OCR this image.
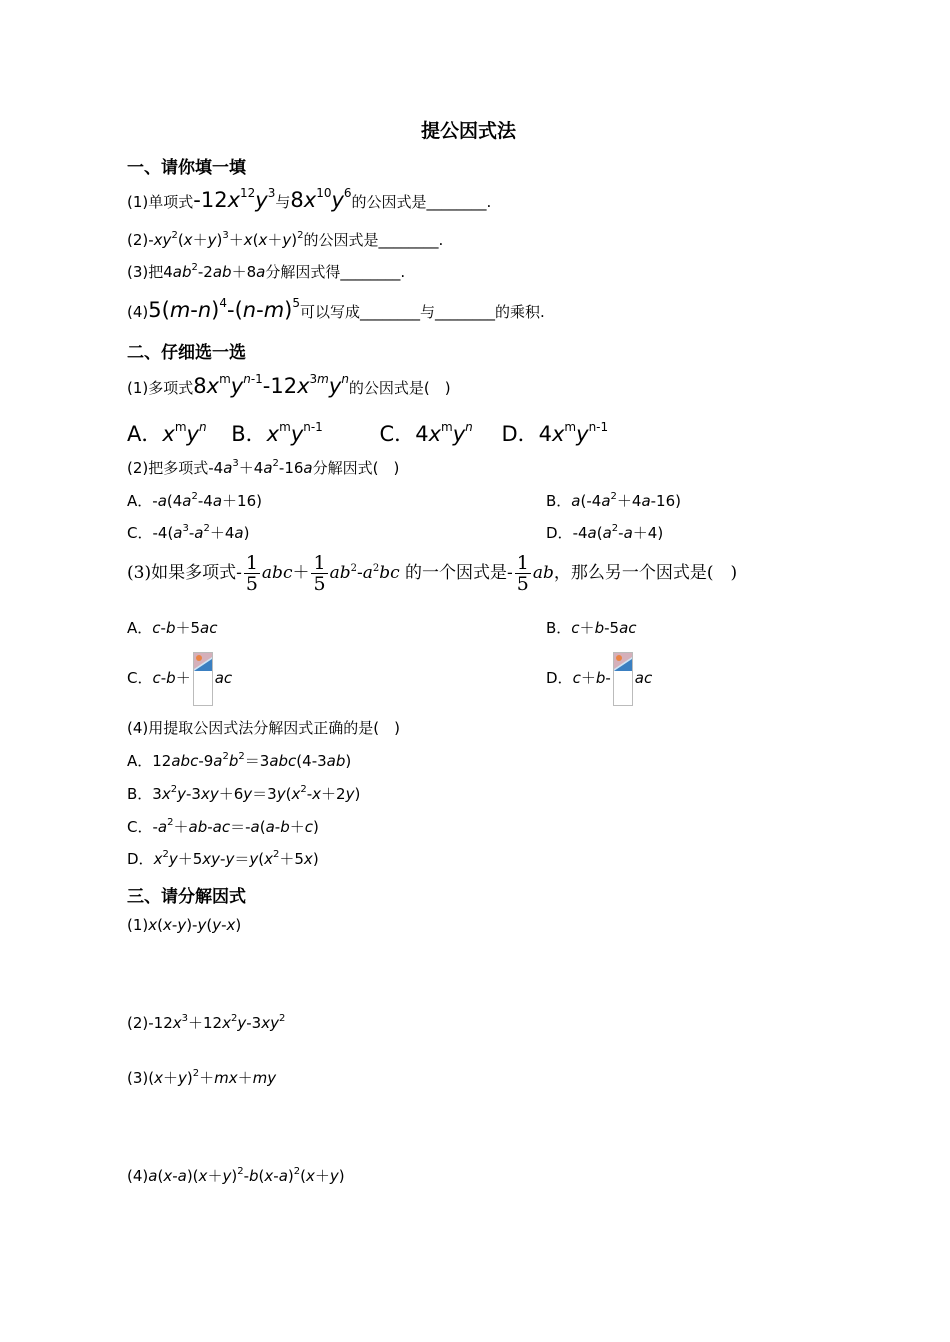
提公因式法
一、请你填一填
(1)单项式$-12x^{12}y^3$与$8x^{10}y^6$的公因式是________.
$(2)-xy^2(x+y)^3+x(x+y)^2$的公因式是________.
(3)把$4ab^2-2ab+8a$分解因式得________.
$(4)5(m-n)^4-(n-m)^5$可以写成________与________的乘积.
二、仔细选一选
(1)多项式$8x^my^{n-1}-12x^{3m}y^n$的公因式是(　)
A．$x^my^n$ B．$x^my^{n-1}$	C．$4x^my^n$ D．$4x^my^{n-1}$
(2)把多项式$-4a^3+4a^2-16a$分解因式(　)
A．$-a(4a^2-4a+16)$	B．$a(-4a^2+4a-16)$
C．$-4(a^3-a^2+4a)$	D．$-4a(a^2-a+4)$
(3)如果多项式- $\frac{1}{5} abc+ \frac{1}{5} ab^2-a^2bc$ 的一个因式是- $\frac{1}{5}$ ab，那么另一个因式是(　)
A．c-b＋5ac	B．c＋b-5ac
C．c-b＋ ac	D．c＋b- ac
(4)用提取公因式法分解因式正确的是(　)
A．$12abc-9a^2b^2=3abc(4-3ab)$
B．$3x^2y-3xy+6y=3y(x^2-x+2y)$
C．$-a^2+ab-ac=-a(a-b+c)$
D．$x^2y+5xy-y=y(x^2+5x)$
三、请分解因式
(1)x(x-y)-y(y-x)
$(2)-12x^3+12x^2y-3xy^2$
$(3)(x+y)^2+mx+my$
$(4)a(x-a)(x+y)^2-b(x-a)^2(x+y)$
